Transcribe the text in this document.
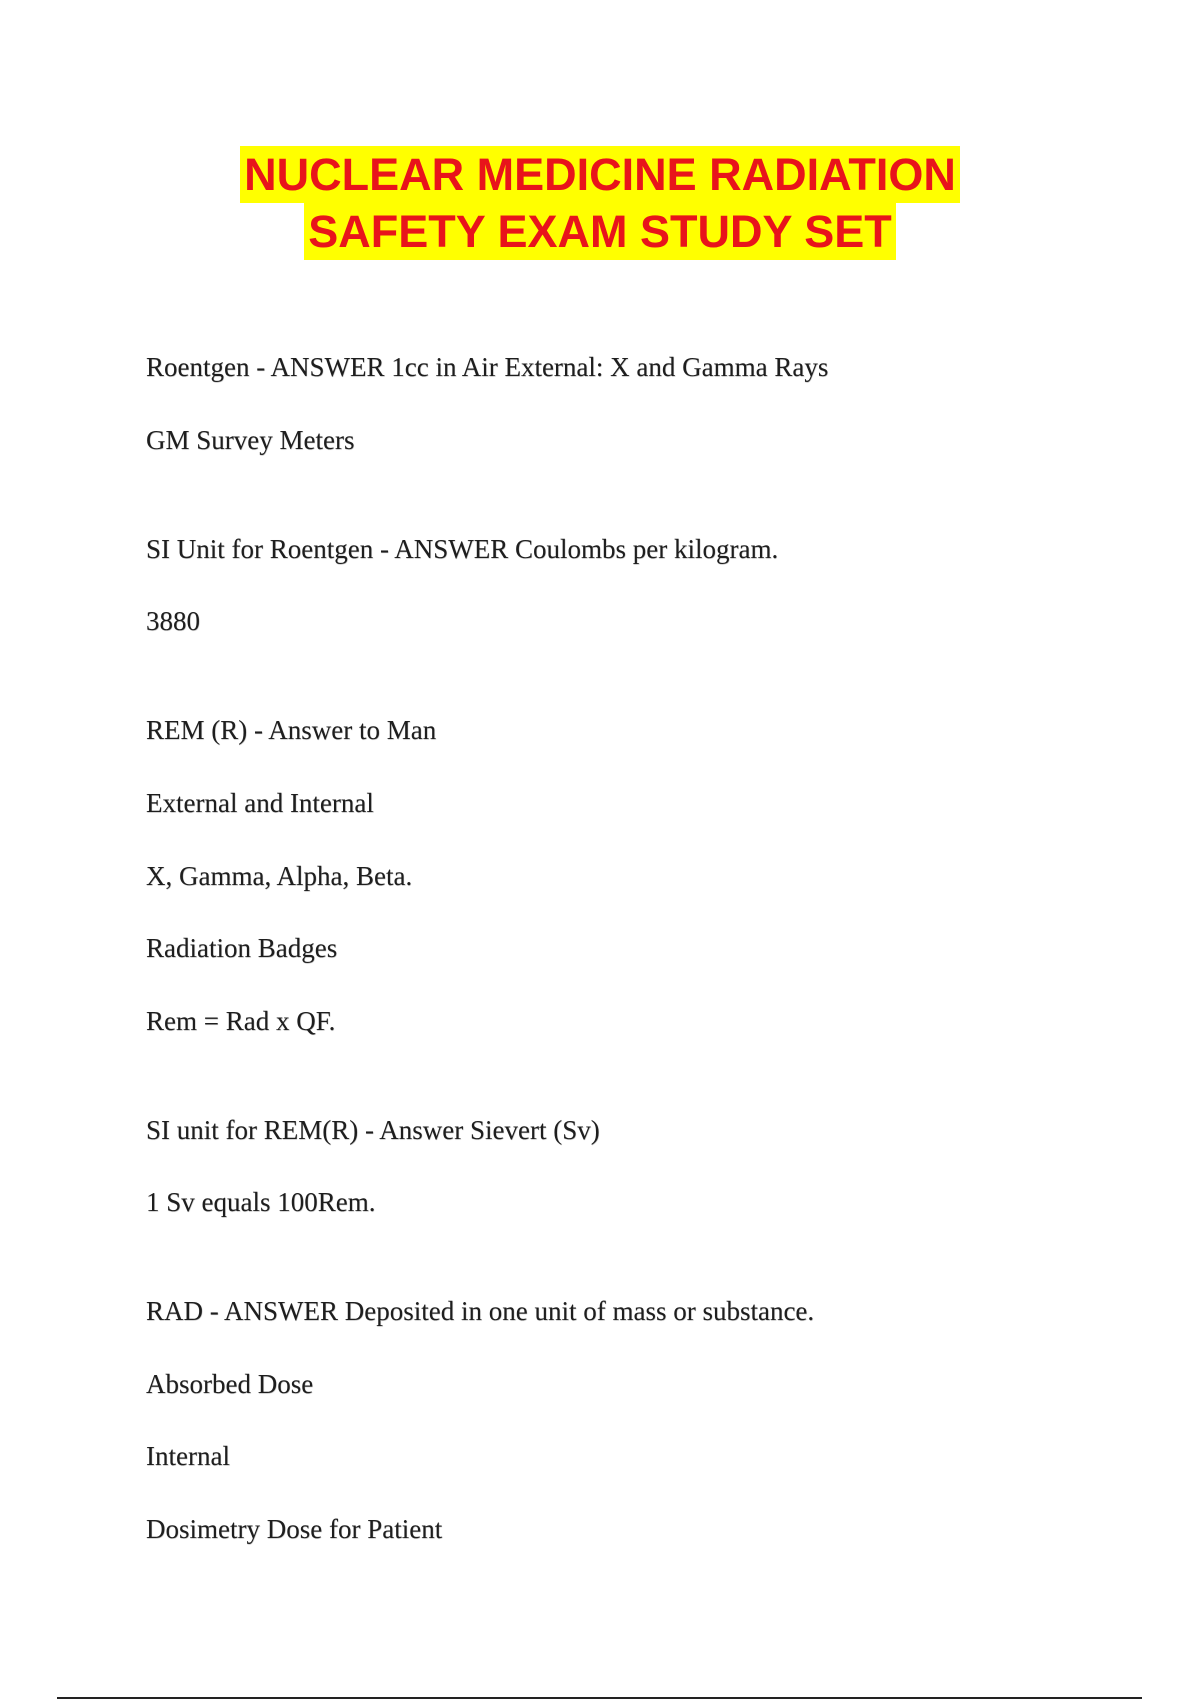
NUCLEAR MEDICINE RADIATION
SAFETY EXAM STUDY SET
Roentgen - ANSWER 1cc in Air External: X and Gamma Rays
GM Survey Meters
SI Unit for Roentgen - ANSWER Coulombs per kilogram.
3880
REM (R) - Answer to Man
External and Internal
X, Gamma, Alpha, Beta.
Radiation Badges
Rem = Rad x QF.
SI unit for REM(R) - Answer Sievert (Sv)
1 Sv equals 100Rem.
RAD - ANSWER Deposited in one unit of mass or substance.
Absorbed Dose
Internal
Dosimetry Dose for Patient
